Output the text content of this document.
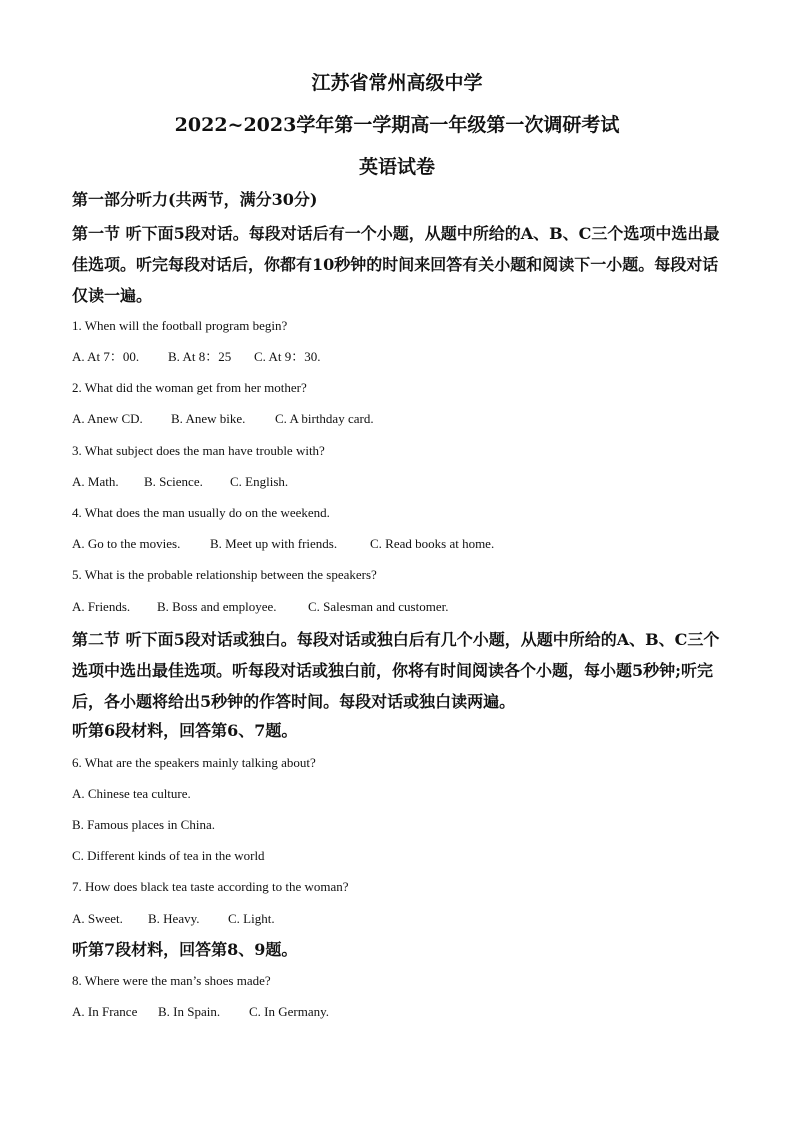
江苏省常州高级中学
2022~2023学年第一学期高一年级第一次调研考试
英语试卷
第一部分听力(共两节，满分30分)

第一节 听下面5段对话。每段对话后有一个小题，从题中所给的A、B、C三个选项中选出最佳选项。听完每段对话后，你都有10秒钟的时间来回答有关小题和阅读下一小题。每段对话仅读一遍。

1. When will the football program begin?
A. At 7：00. B. At 8：25 C. At 9：30.
2. What did the woman get from her mother?
A. Anew CD. B. Anew bike. C. A birthday card.
3. What subject does the man have trouble with?
A. Math. B. Science. C. English.
4. What does the man usually do on the weekend.
A. Go to the movies. B. Meet up with friends.	C. Read books at home.
5. What is the probable relationship between the speakers?
A. Friends. B. Boss and employee. C. Salesman and customer.

第二节 听下面5段对话或独白。每段对话或独白后有几个小题，从题中所给的A、B、C三个选项中选出最佳选项。听每段对话或独白前，你将有时间阅读各个小题，每小题5秒钟;听完后，各小题将给出5秒钟的作答时间。每段对话或独白读两遍。

听第6段材料，回答第6、7题。
6. What are the speakers mainly talking about?
A. Chinese tea culture.
B. Famous places in China.
C. Different kinds of tea in the world
7. How does black tea taste according to the woman?
A. Sweet. B. Heavy. C. Light.
听第7段材料，回答第8、9题。
8. Where were the man’s shoes made?
A. In France B. In Spain. C. In Germany.
